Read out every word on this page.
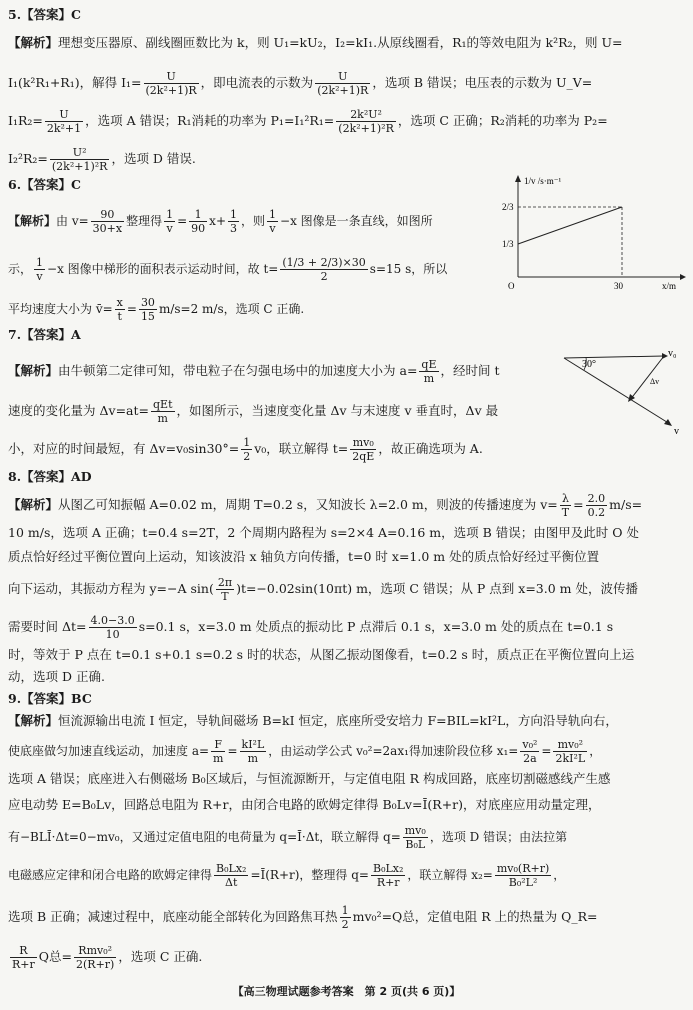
5.【答案】C
【解析】理想变压器原、副线圈匝数比为 k，则 U₁=kU₂，I₂=kI₁.从原线圈看，R₁的等效电阻为 k²R₂，则 U=
I₁(k²R₁+R₁)，解得 $I_1= \frac{U}{\text{(2k²+1)R}}$ ，即电流表的示数为 $\frac{U}{\text{(2k²+1)R}}$ ，选项 B 错误；电压表的示数为 U_V=
$I_1R_2= \frac{U}{\text{2k²+1}}$ ，选项 A 错误；R₁消耗的功率为 $P_1=I_1^2R_1= \frac{\text{2k²U²}}{\text{(2k²+1)²R}}$ ，选项 C 正确；R₂消耗的功率为 P₂=
$I_2^2R_2= \frac{\text{U²}}{\text{(2k²+1)²R}}$ ，选项 D 错误.
6.【答案】C
【解析】由 $v= \frac{90}{30+x}$ 整理得 $\frac{1}{v} = \frac{1}{90} x+ \frac{1}{3}$ ，则 $\frac{1}{v} -x$ 图像是一条直线，如图所
示， $\frac{1}{v} -x$ 图像中梯形的面积表示运动时间，故 $t= \frac{(1/3 + 2/3)\times 30}{2} s=15$ s，所以
平均速度大小为 v̄= $\frac{x}{t} = \frac{30}{15} m/s=2$ m/s，选项 C 正确.
1/v /s·m⁻¹
x/m
O
2/3
1/3
30
7.【答案】A
【解析】由牛顿第二定律可知，带电粒子在匀强电场中的加速度大小为 $a= \frac{qE}{m}$ ，经时间 t
速度的变化量为 $\Delta v=at= \frac{\text{qEt}}{m}$ ，如图所示，当速度变化量 Δv 与末速度 v 垂直时，Δv 最
小，对应的时间最短，有 $\Delta v=v_0\sin 30^\circ= \frac{1}{2} v_0$，联立解得 $t= \frac{\text{mv₀}}{2qE}$ ，故正确选项为 A.
30°
v₀
Δv
v
8.【答案】AD
【解析】从图乙可知振幅 A=0.02 m，周期 T=0.2 s，又知波长 λ=2.0 m，则波的传播速度为 $v= \frac{\lambda}{T} = \frac{2.0}{0.2} m/s=$
10 m/s，选项 A 正确；t=0.4 s=2T，2 个周期内路程为 s=2×4 A=0.16 m，选项 B 错误；由图甲及此时 O 处
质点恰好经过平衡位置向上运动，知该波沿 x 轴负方向传播，t=0 时 x=1.0 m 处的质点恰好经过平衡位置
向下运动，其振动方程为 y=−A $\sin( \frac{2\pi}{T} )t=-0.02\sin(10\pi t)$ m，选项 C 错误；从 P 点到 x=3.0 m 处，波传播
需要时间 $\Delta t= \frac{4.0-3.0}{10} s=0.1$ s，x=3.0 m 处质点的振动比 P 点滞后 0.1 s，x=3.0 m 处的质点在 t=0.1 s
时，等效于 P 点在 t=0.1 s+0.1 s=0.2 s 时的状态，从图乙振动图像看，t=0.2 s 时，质点正在平衡位置向上运
动，选项 D 正确.
9.【答案】BC
【解析】恒流源输出电流 I 恒定，导轨间磁场 B=kI 恒定，底座所受安培力 F=BIL=kI²L，方向沿导轨向右，
使底座做匀加速直线运动，加速度 $a= \frac{F}{m} = \frac{\text{kI²L}}{m}$ ，由运动学公式 v₀²=2ax₁得加速阶段位移 $x_1= \frac{\text{v₀²}}{2a} = \frac{\text{mv₀²}}{\text{2kI²L}}$ ，
选项 A 错误；底座进入右侧磁场 B₀区域后，与恒流源断开，与定值电阻 R 构成回路，底座切割磁感线产生感
应电动势 E=B₀Lv，回路总电阻为 R+r，由闭合电路的欧姆定律得 B₀Lv=Ī(R+r)，对底座应用动量定理，
有−BLĪ·Δt=0−mv₀，又通过定值电阻的电荷量为 q=Ī·Δt，联立解得 $q= \frac{\text{mv₀}}{\text{B₀L}}$ ，选项 D 错误；由法拉第
电磁感应定律和闭合电路的欧姆定律得 $\frac{\text{B₀Lx₂}}{\Delta t}$ =Ī(R+r)，整理得 $q= \frac{\text{B₀Lx₂}}{R+r}$ ，联立解得 $x_2= \frac{\text{mv₀(R+r)}}{\text{B₀²L²}}$ ，
选项 B 正确；减速过程中，底座动能全部转化为回路焦耳热 $\frac{1}{2} mv_0^2=Q$总，定值电阻 R 上的热量为 Q_R=
$\frac{R}{R+r}$ Q总= $\frac{\text{Rmv₀²}}{2(R+r)}$ ，选项 C 正确.
【高三物理试题参考答案　第 2 页(共 6 页)】
